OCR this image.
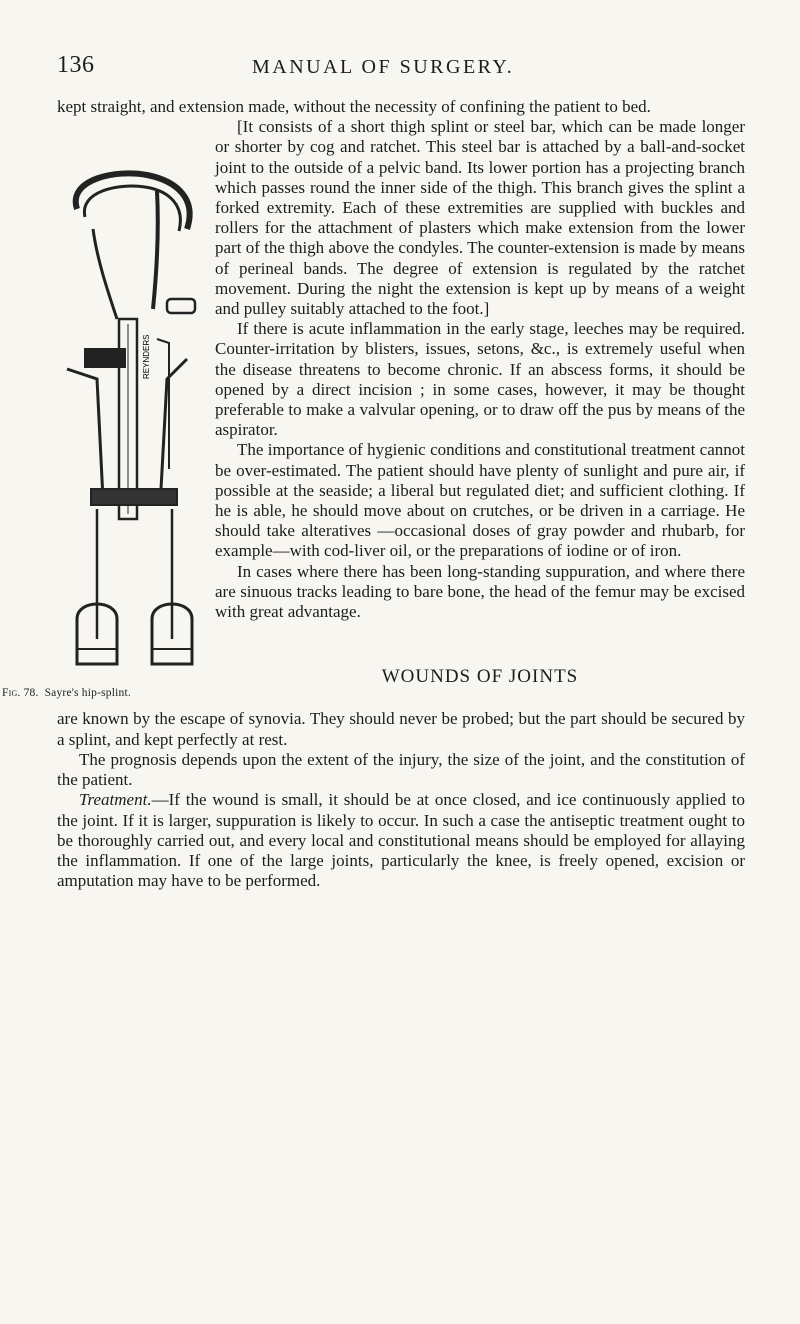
136	MANUAL OF SURGERY.

kept straight, and extension made, without the necessity of confining the patient to bed.

REYNDERS
Fig. 78. Sayre's hip-splint.

[It consists of a short thigh splint or steel bar, which can be made longer or shorter by cog and ratchet. This steel bar is attached by a ball-and-socket joint to the outside of a pelvic band. Its lower portion has a projecting branch which passes round the inner side of the thigh. This branch gives the splint a forked extremity. Each of these extremities are supplied with buckles and rollers for the attachment of plasters which make extension from the lower part of the thigh above the condyles. The counter-extension is made by means of perineal bands. The degree of extension is regulated by the ratchet movement. During the night the extension is kept up by means of a weight and pulley suitably attached to the foot.]

If there is acute inflammation in the early stage, leeches may be required. Counter-irritation by blisters, issues, setons, &c., is extremely useful when the disease threatens to become chronic. If an abscess forms, it should be opened by a direct incision ; in some cases, however, it may be thought preferable to make a valvular opening, or to draw off the pus by means of the aspirator.

The importance of hygienic conditions and constitutional treatment cannot be over-estimated. The patient should have plenty of sunlight and pure air, if possible at the seaside; a liberal but regulated diet; and sufficient clothing. If he is able, he should move about on crutches, or be driven in a carriage. He should take alteratives —occasional doses of gray powder and rhubarb, for example—with cod-liver oil, or the preparations of iodine or of iron.

In cases where there has been long-standing suppuration, and where there are sinuous tracks leading to bare bone, the head of the femur may be excised with great advantage.

WOUNDS OF JOINTS

are known by the escape of synovia. They should never be probed; but the part should be secured by a splint, and kept perfectly at rest.

The prognosis depends upon the extent of the injury, the size of the joint, and the constitution of the patient.

Treatment.—If the wound is small, it should be at once closed, and ice continuously applied to the joint. If it is larger, suppuration is likely to occur. In such a case the antiseptic treatment ought to be thoroughly carried out, and every local and constitutional means should be employed for allaying the inflammation. If one of the large joints, particularly the knee, is freely opened, excision or amputation may have to be performed.
